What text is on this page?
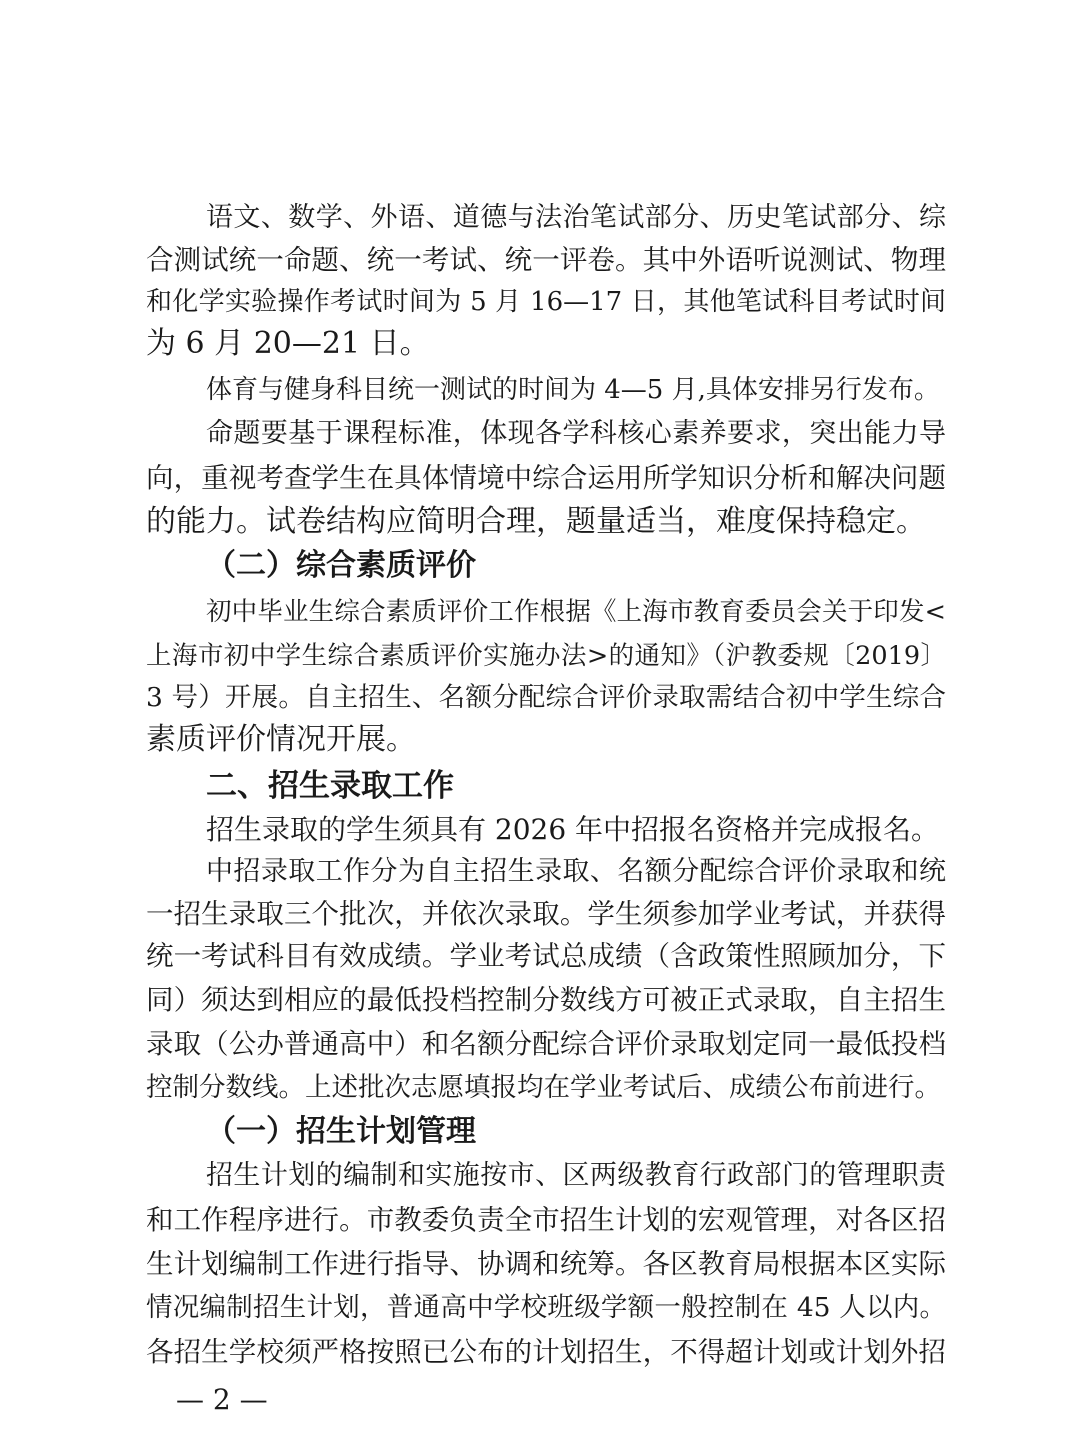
语文、数学、外语、道德与法治笔试部分、历史笔试部分、综
合测试统一命题、统一考试、统一评卷。其中外语听说测试、物理
和化学实验操作考试时间为 5 月 16—17 日，其他笔试科目考试时间
为 6 月 20—21 日。
体育与健身科目统一测试的时间为 4—5 月,具体安排另行发布。
命题要基于课程标准，体现各学科核心素养要求，突出能力导
向，重视考查学生在具体情境中综合运用所学知识分析和解决问题
的能力。试卷结构应简明合理，题量适当，难度保持稳定。
（二）综合素质评价
初中毕业生综合素质评价工作根据《上海市教育委员会关于印发<
上海市初中学生综合素质评价实施办法>的通知》（沪教委规〔2019〕
3 号）开展。自主招生、名额分配综合评价录取需结合初中学生综合
素质评价情况开展。
二、招生录取工作
招生录取的学生须具有 2026 年中招报名资格并完成报名。
中招录取工作分为自主招生录取、名额分配综合评价录取和统
一招生录取三个批次，并依次录取。学生须参加学业考试，并获得
统一考试科目有效成绩。学业考试总成绩（含政策性照顾加分，下
同）须达到相应的最低投档控制分数线方可被正式录取，自主招生
录取（公办普通高中）和名额分配综合评价录取划定同一最低投档
控制分数线。上述批次志愿填报均在学业考试后、成绩公布前进行。
（一）招生计划管理
招生计划的编制和实施按市、区两级教育行政部门的管理职责
和工作程序进行。市教委负责全市招生计划的宏观管理，对各区招
生计划编制工作进行指导、协调和统筹。各区教育局根据本区实际
情况编制招生计划，普通高中学校班级学额一般控制在 45 人以内。
各招生学校须严格按照已公布的计划招生，不得超计划或计划外招
— 2 —
